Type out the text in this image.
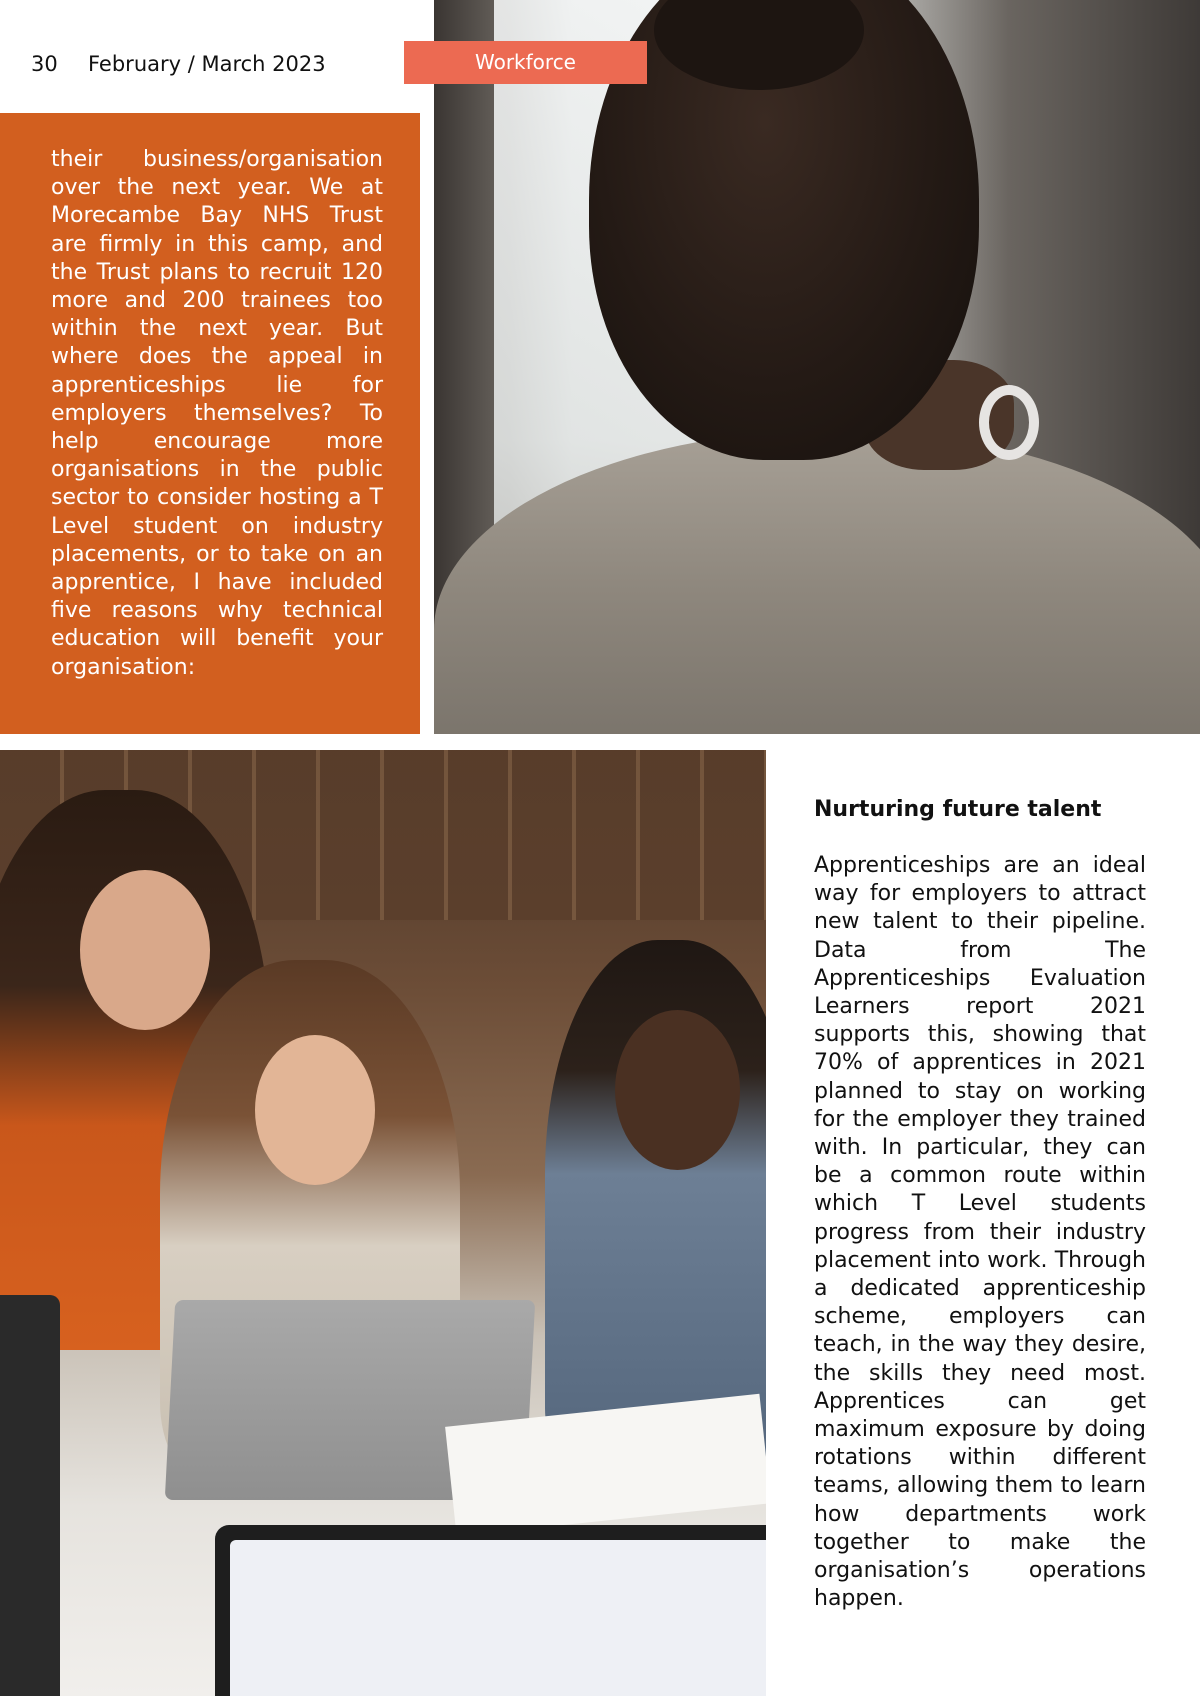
30 February / March 2023	Workforce

their business/organisation over the next year. We at Morecambe Bay NHS Trust are firmly in this camp, and the Trust plans to recruit 120 more and 200 trainees too within the next year. But where does the appeal in apprenticeships lie for employers themselves? To help encourage more organisations in the public sector to consider hosting a T Level student on industry placements, or to take on an apprentice, I have included five reasons why technical education will benefit your organisation:

Nurturing future talent

Apprenticeships are an ideal way for employers to attract new talent to their pipeline. Data from The Apprenticeships Evaluation Learners report 2021 supports this, showing that 70% of apprentices in 2021 planned to stay on working for the employer they trained with. In particular, they can be a common route within which T Level students progress from their industry placement into work. Through a dedicated apprenticeship scheme, employers can teach, in the way they desire, the skills they need most. Apprentices can get maximum exposure by doing rotations within different teams, allowing them to learn how departments work together to make the organisation’s operations happen.
